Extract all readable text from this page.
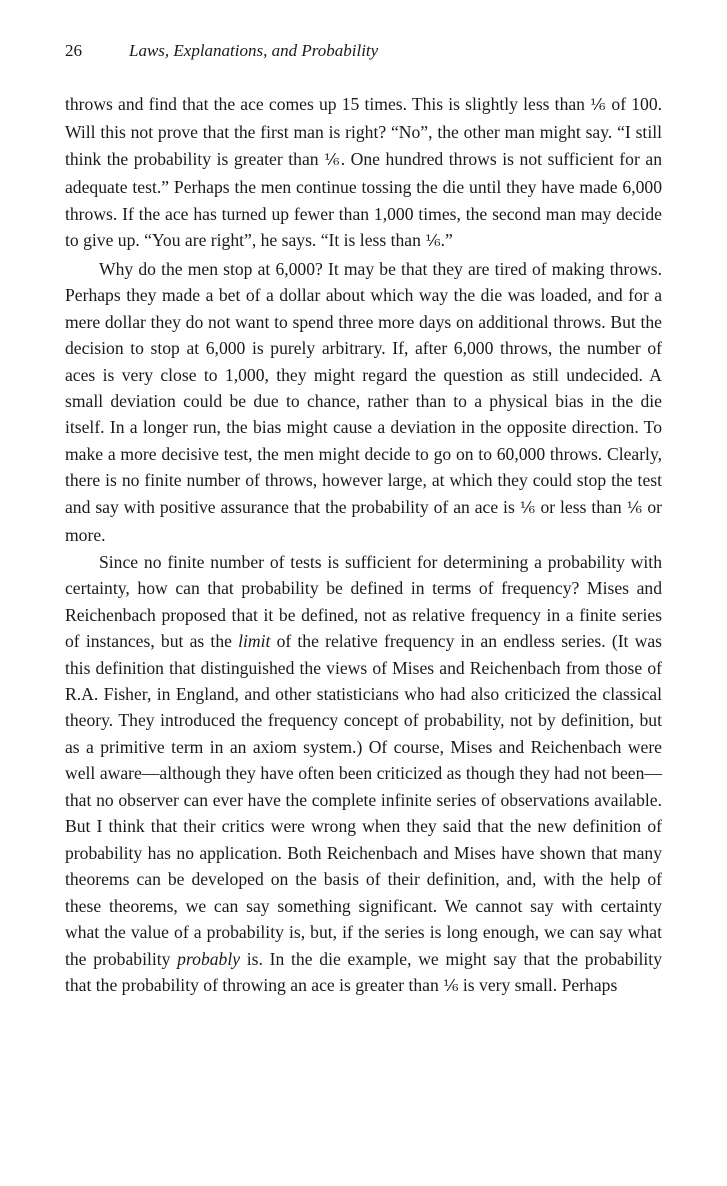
26	Laws, Explanations, and Probability

throws and find that the ace comes up 15 times. This is slightly less than ⅙ of 100. Will this not prove that the first man is right? “No”, the other man might say. “I still think the probability is greater than ⅙. One hundred throws is not sufficient for an adequate test.” Perhaps the men continue tossing the die until they have made 6,000 throws. If the ace has turned up fewer than 1,000 times, the second man may decide to give up. “You are right”, he says. “It is less than ⅙.”

Why do the men stop at 6,000? It may be that they are tired of making throws. Perhaps they made a bet of a dollar about which way the die was loaded, and for a mere dollar they do not want to spend three more days on additional throws. But the decision to stop at 6,000 is purely arbitrary. If, after 6,000 throws, the number of aces is very close to 1,000, they might regard the question as still undecided. A small deviation could be due to chance, rather than to a physical bias in the die itself. In a longer run, the bias might cause a deviation in the opposite direction. To make a more decisive test, the men might decide to go on to 60,000 throws. Clearly, there is no finite number of throws, however large, at which they could stop the test and say with positive assurance that the probability of an ace is ⅙ or less than ⅙ or more.

Since no finite number of tests is sufficient for determining a probability with certainty, how can that probability be defined in terms of frequency? Mises and Reichenbach proposed that it be defined, not as relative frequency in a finite series of instances, but as the limit of the relative frequency in an endless series. (It was this definition that distinguished the views of Mises and Reichenbach from those of R.A. Fisher, in England, and other statisticians who had also criticized the classical theory. They introduced the frequency concept of probability, not by definition, but as a primitive term in an axiom system.) Of course, Mises and Reichenbach were well aware—although they have often been criticized as though they had not been—that no observer can ever have the complete infinite series of observations available. But I think that their critics were wrong when they said that the new definition of probability has no application. Both Reichenbach and Mises have shown that many theorems can be developed on the basis of their definition, and, with the help of these theorems, we can say something significant. We cannot say with certainty what the value of a probability is, but, if the series is long enough, we can say what the probability probably is. In the die example, we might say that the probability that the probability of throwing an ace is greater than ⅙ is very small. Perhaps
